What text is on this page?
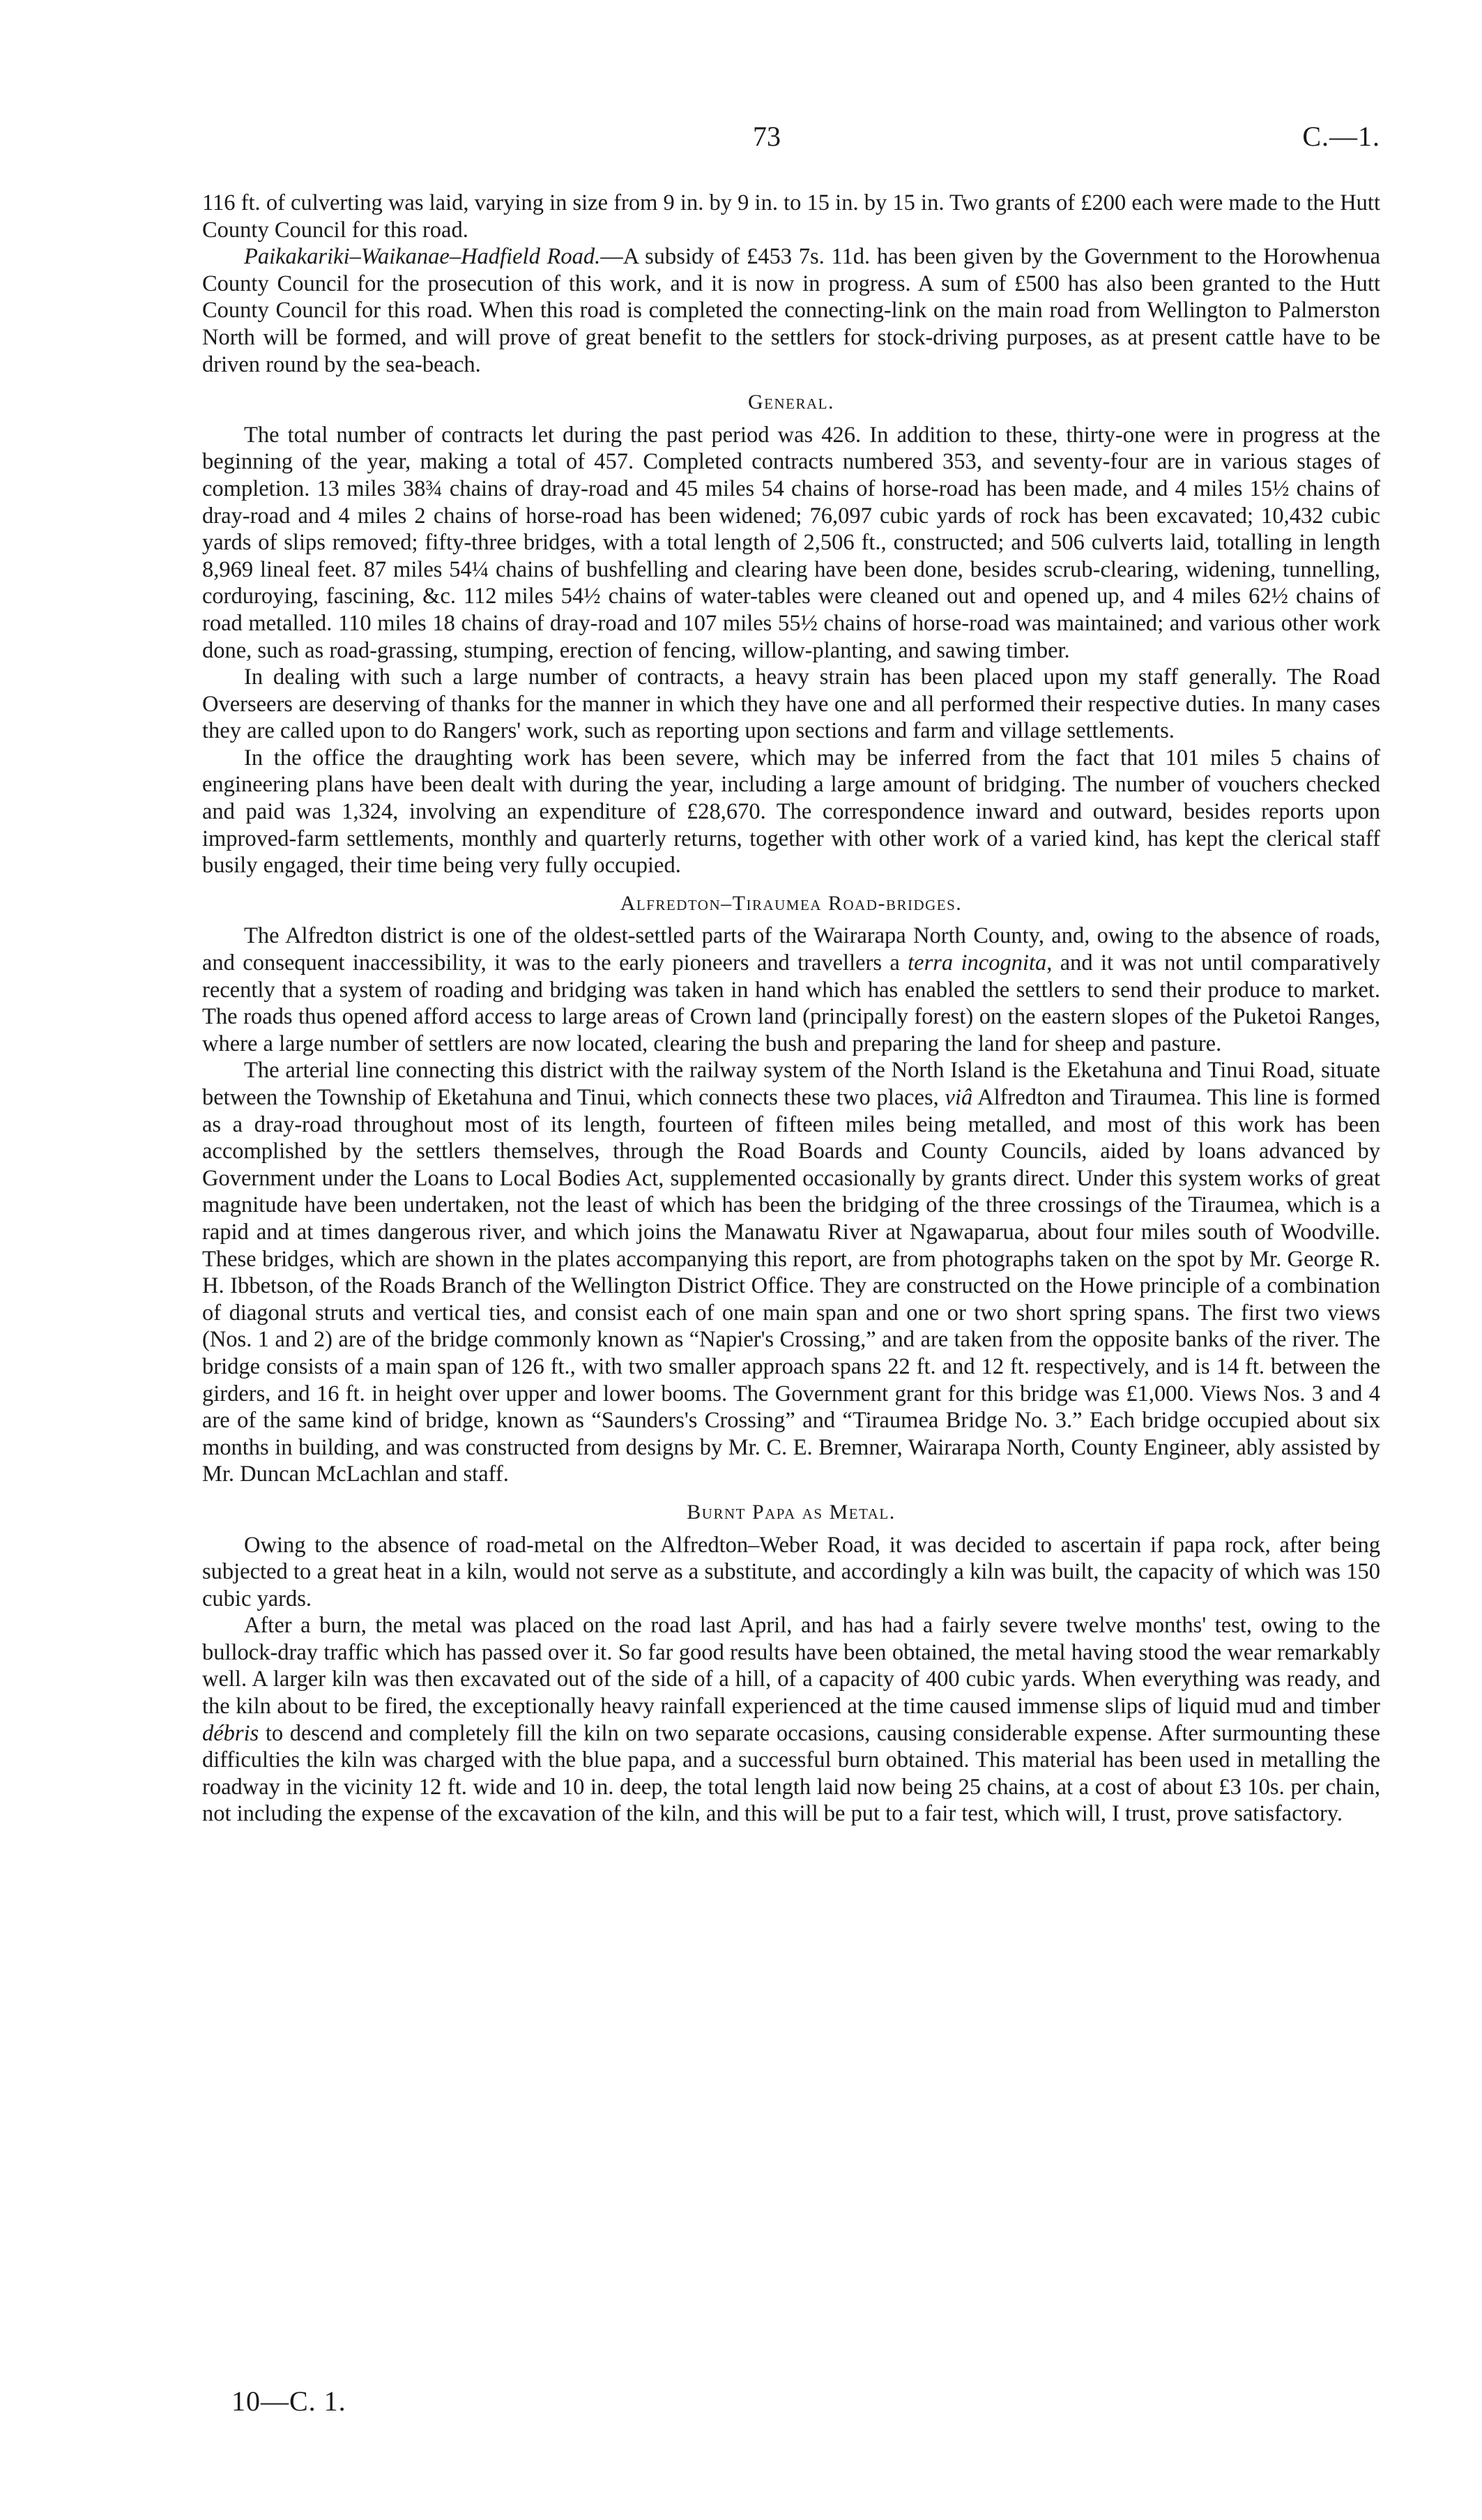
73	C.—1.

116 ft. of culverting was laid, varying in size from 9 in. by 9 in. to 15 in. by 15 in. Two grants of £200 each were made to the Hutt County Council for this road.

Paikakariki–Waikanae–Hadfield Road.—A subsidy of £453 7s. 11d. has been given by the Government to the Horowhenua County Council for the prosecution of this work, and it is now in progress. A sum of £500 has also been granted to the Hutt County Council for this road. When this road is completed the connecting-link on the main road from Wellington to Palmerston North will be formed, and will prove of great benefit to the settlers for stock-driving purposes, as at present cattle have to be driven round by the sea-beach.

General.

The total number of contracts let during the past period was 426. In addition to these, thirty-one were in progress at the beginning of the year, making a total of 457. Completed contracts numbered 353, and seventy-four are in various stages of completion. 13 miles 38¾ chains of dray-road and 45 miles 54 chains of horse-road has been made, and 4 miles 15½ chains of dray-road and 4 miles 2 chains of horse-road has been widened; 76,097 cubic yards of rock has been excavated; 10,432 cubic yards of slips removed; fifty-three bridges, with a total length of 2,506 ft., constructed; and 506 culverts laid, totalling in length 8,969 lineal feet. 87 miles 54¼ chains of bushfelling and clearing have been done, besides scrub-clearing, widening, tunnelling, corduroying, fascining, &c. 112 miles 54½ chains of water-tables were cleaned out and opened up, and 4 miles 62½ chains of road metalled. 110 miles 18 chains of dray-road and 107 miles 55½ chains of horse-road was maintained; and various other work done, such as road-grassing, stumping, erection of fencing, willow-planting, and sawing timber.

In dealing with such a large number of contracts, a heavy strain has been placed upon my staff generally. The Road Overseers are deserving of thanks for the manner in which they have one and all performed their respective duties. In many cases they are called upon to do Rangers' work, such as reporting upon sections and farm and village settlements.

In the office the draughting work has been severe, which may be inferred from the fact that 101 miles 5 chains of engineering plans have been dealt with during the year, including a large amount of bridging. The number of vouchers checked and paid was 1,324, involving an expenditure of £28,670. The correspondence inward and outward, besides reports upon improved-farm settlements, monthly and quarterly returns, together with other work of a varied kind, has kept the clerical staff busily engaged, their time being very fully occupied.

Alfredton–Tiraumea Road-bridges.

The Alfredton district is one of the oldest-settled parts of the Wairarapa North County, and, owing to the absence of roads, and consequent inaccessibility, it was to the early pioneers and travellers a terra incognita, and it was not until comparatively recently that a system of roading and bridging was taken in hand which has enabled the settlers to send their produce to market. The roads thus opened afford access to large areas of Crown land (principally forest) on the eastern slopes of the Puketoi Ranges, where a large number of settlers are now located, clearing the bush and preparing the land for sheep and pasture.

The arterial line connecting this district with the railway system of the North Island is the Eketahuna and Tinui Road, situate between the Township of Eketahuna and Tinui, which connects these two places, viâ Alfredton and Tiraumea. This line is formed as a dray-road throughout most of its length, fourteen of fifteen miles being metalled, and most of this work has been accomplished by the settlers themselves, through the Road Boards and County Councils, aided by loans advanced by Government under the Loans to Local Bodies Act, supplemented occasionally by grants direct. Under this system works of great magnitude have been undertaken, not the least of which has been the bridging of the three crossings of the Tiraumea, which is a rapid and at times dangerous river, and which joins the Manawatu River at Ngawaparua, about four miles south of Woodville. These bridges, which are shown in the plates accompanying this report, are from photographs taken on the spot by Mr. George R. H. Ibbetson, of the Roads Branch of the Wellington District Office. They are constructed on the Howe principle of a combination of diagonal struts and vertical ties, and consist each of one main span and one or two short spring spans. The first two views (Nos. 1 and 2) are of the bridge commonly known as “Napier's Crossing,” and are taken from the opposite banks of the river. The bridge consists of a main span of 126 ft., with two smaller approach spans 22 ft. and 12 ft. respectively, and is 14 ft. between the girders, and 16 ft. in height over upper and lower booms. The Government grant for this bridge was £1,000. Views Nos. 3 and 4 are of the same kind of bridge, known as “Saunders's Crossing” and “Tiraumea Bridge No. 3.” Each bridge occupied about six months in building, and was constructed from designs by Mr. C. E. Bremner, Wairarapa North, County Engineer, ably assisted by Mr. Duncan McLachlan and staff.

Burnt Papa as Metal.

Owing to the absence of road-metal on the Alfredton–Weber Road, it was decided to ascertain if papa rock, after being subjected to a great heat in a kiln, would not serve as a substitute, and accordingly a kiln was built, the capacity of which was 150 cubic yards.

After a burn, the metal was placed on the road last April, and has had a fairly severe twelve months' test, owing to the bullock-dray traffic which has passed over it. So far good results have been obtained, the metal having stood the wear remarkably well. A larger kiln was then excavated out of the side of a hill, of a capacity of 400 cubic yards. When everything was ready, and the kiln about to be fired, the exceptionally heavy rainfall experienced at the time caused immense slips of liquid mud and timber débris to descend and completely fill the kiln on two separate occasions, causing considerable expense. After surmounting these difficulties the kiln was charged with the blue papa, and a successful burn obtained. This material has been used in metalling the roadway in the vicinity 12 ft. wide and 10 in. deep, the total length laid now being 25 chains, at a cost of about £3 10s. per chain, not including the expense of the excavation of the kiln, and this will be put to a fair test, which will, I trust, prove satisfactory.

10—C. 1.
